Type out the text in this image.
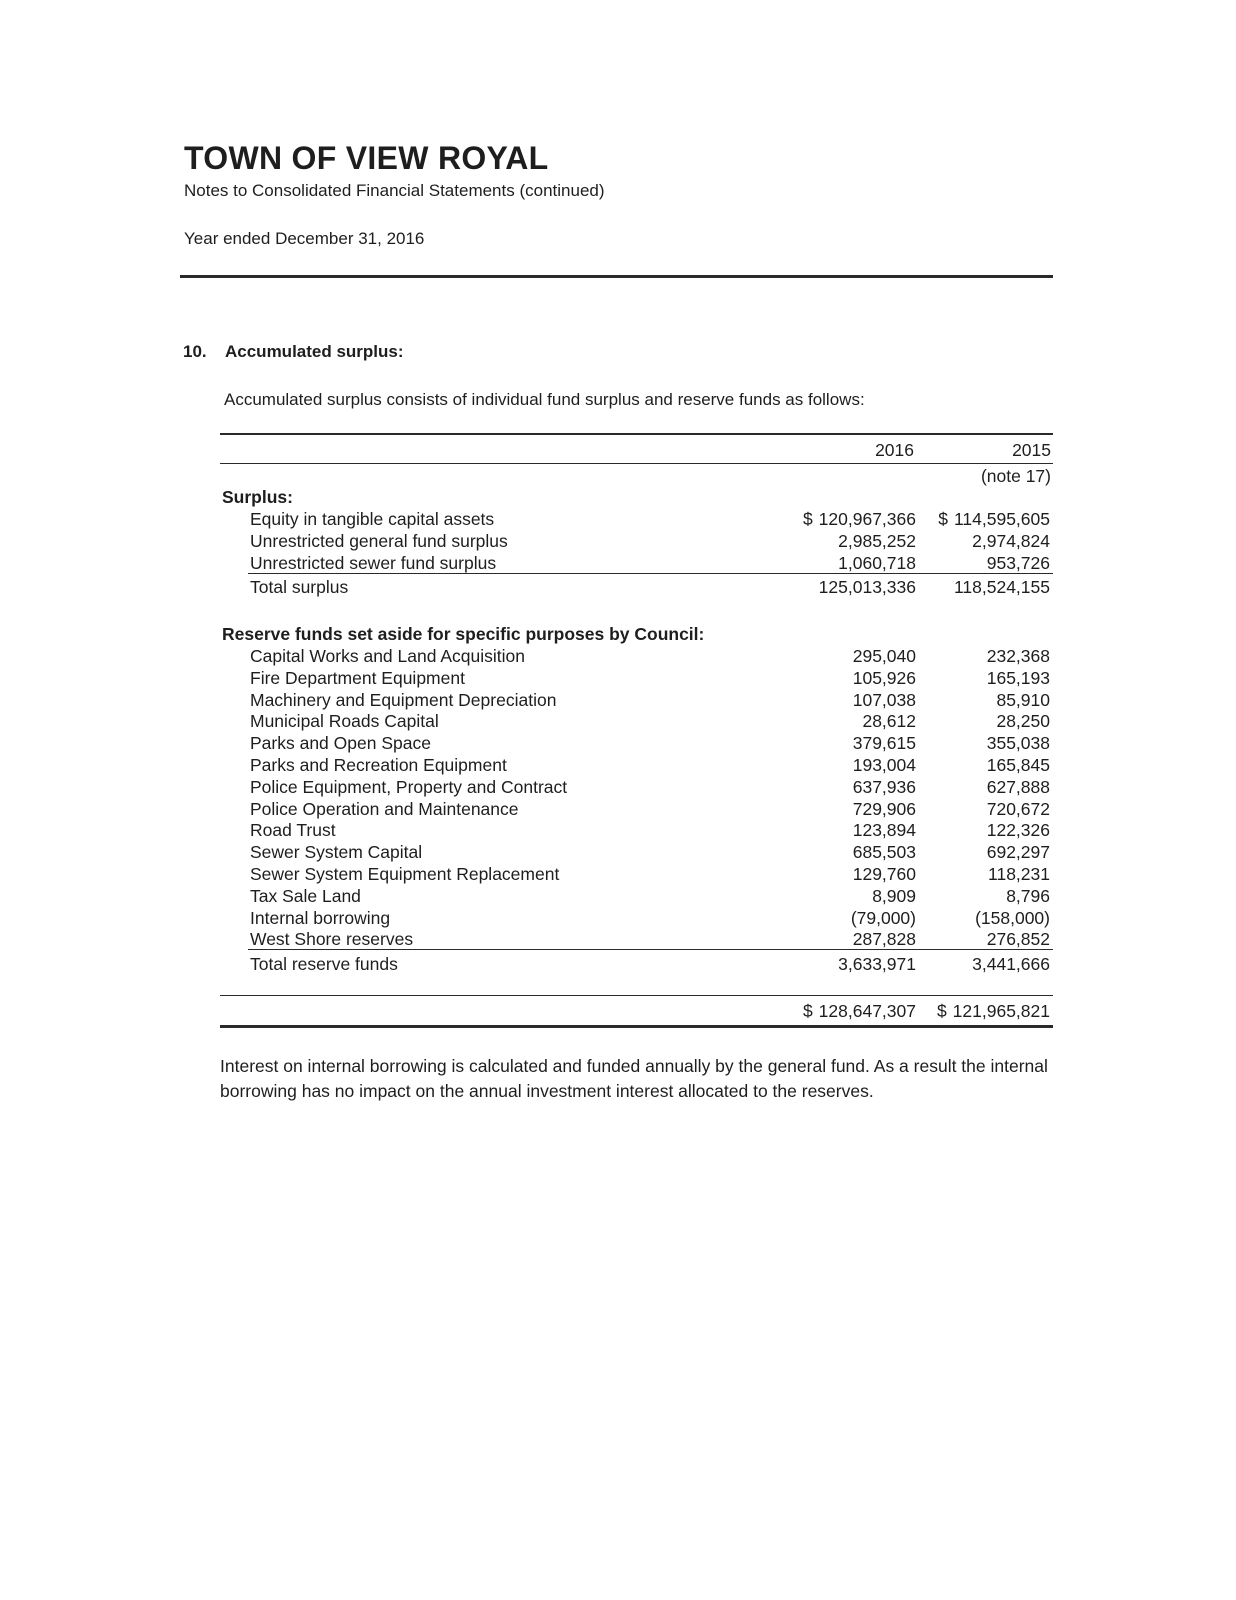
TOWN OF VIEW ROYAL

Notes to Consolidated Financial Statements (continued)

Year ended December 31, 2016

10. Accumulated surplus:

Accumulated surplus consists of individual fund surplus and reserve funds as follows:

2016	2015
(note 17)
Surplus:
Equity in tangible capital assets	$ 120,967,366 $ 114,595,605
Unrestricted general fund surplus	2,985,252	2,974,824
Unrestricted sewer fund surplus	1,060,718	953,726
Total surplus	125,013,336 118,524,155
Reserve funds set aside for specific purposes by Council:
Capital Works and Land Acquisition	295,040	232,368
Fire Department Equipment	105,926	165,193
Machinery and Equipment Depreciation	107,038	85,910
Municipal Roads Capital	28,612	28,250
Parks and Open Space	379,615	355,038
Parks and Recreation Equipment	193,004	165,845
Police Equipment, Property and Contract	637,936	627,888
Police Operation and Maintenance	729,906	720,672
Road Trust	123,894	122,326
Sewer System Capital	685,503	692,297
Sewer System Equipment Replacement	129,760	118,231
Tax Sale Land	8,909	8,796
Internal borrowing	(79,000)	(158,000)
West Shore reserves	287,828	276,852
Total reserve funds	3,633,971	3,441,666
$ 128,647,307 $ 121,965,821

Interest on internal borrowing is calculated and funded annually by the general fund. As a result the internal borrowing has no impact on the annual investment interest allocated to the reserves.
